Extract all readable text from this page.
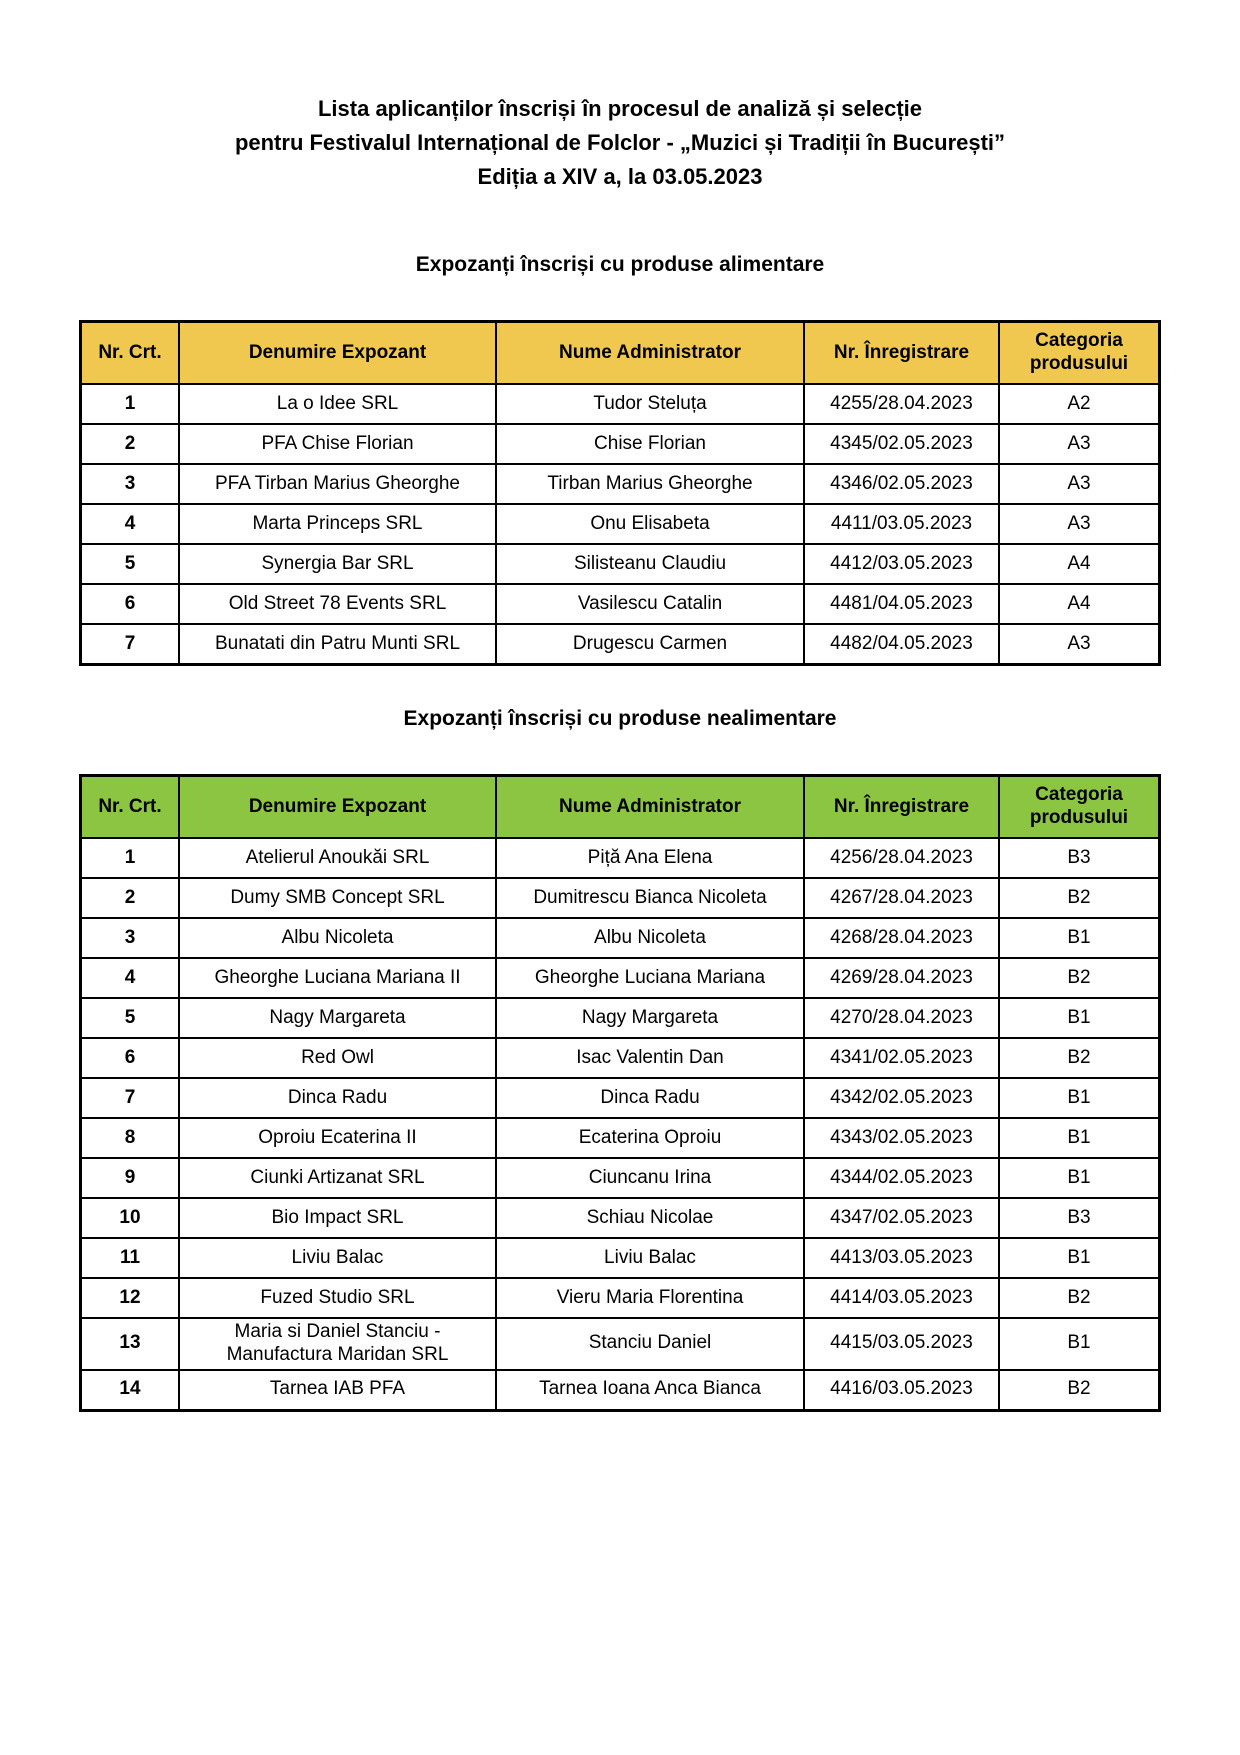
Lista aplicanților înscriși în procesul de analiză și selecție
pentru Festivalul Internațional de Folclor - „Muzici și Tradiții în București”
Ediția a XIV a, la 03.05.2023
Expozanți înscriși cu produse alimentare
Nr. Crt.	Denumire Expozant	Nume Administrator	Nr. Înregistrare	Categoria produsului
1	La o Idee SRL	Tudor Steluța	4255/28.04.2023	A2
2	PFA Chise Florian	Chise Florian	4345/02.05.2023	A3
3	PFA Tirban Marius Gheorghe	Tirban Marius Gheorghe	4346/02.05.2023	A3
4	Marta Princeps SRL	Onu Elisabeta	4411/03.05.2023	A3
5	Synergia Bar SRL	Silisteanu Claudiu	4412/03.05.2023	A4
6	Old Street 78 Events SRL	Vasilescu Catalin	4481/04.05.2023	A4
7	Bunatati din Patru Munti SRL	Drugescu Carmen	4482/04.05.2023	A3
Expozanți înscriși cu produse nealimentare
Nr. Crt.	Denumire Expozant	Nume Administrator	Nr. Înregistrare	Categoria produsului
1	Atelierul Anoukăi SRL	Piță Ana Elena	4256/28.04.2023	B3
2	Dumy SMB Concept SRL	Dumitrescu Bianca Nicoleta	4267/28.04.2023	B2
3	Albu Nicoleta	Albu Nicoleta	4268/28.04.2023	B1
4	Gheorghe Luciana Mariana II	Gheorghe Luciana Mariana	4269/28.04.2023	B2
5	Nagy Margareta	Nagy Margareta	4270/28.04.2023	B1
6	Red Owl	Isac Valentin Dan	4341/02.05.2023	B2
7	Dinca Radu	Dinca Radu	4342/02.05.2023	B1
8	Oproiu Ecaterina II	Ecaterina Oproiu	4343/02.05.2023	B1
9	Ciunki Artizanat SRL	Ciuncanu Irina	4344/02.05.2023	B1
10	Bio Impact SRL	Schiau Nicolae	4347/02.05.2023	B3
11	Liviu Balac	Liviu Balac	4413/03.05.2023	B1
12	Fuzed Studio SRL	Vieru Maria Florentina	4414/03.05.2023	B2
13	Maria si Daniel Stanciu - Manufactura Maridan SRL	Stanciu Daniel	4415/03.05.2023	B1
14	Tarnea IAB PFA	Tarnea Ioana Anca Bianca	4416/03.05.2023	B2
